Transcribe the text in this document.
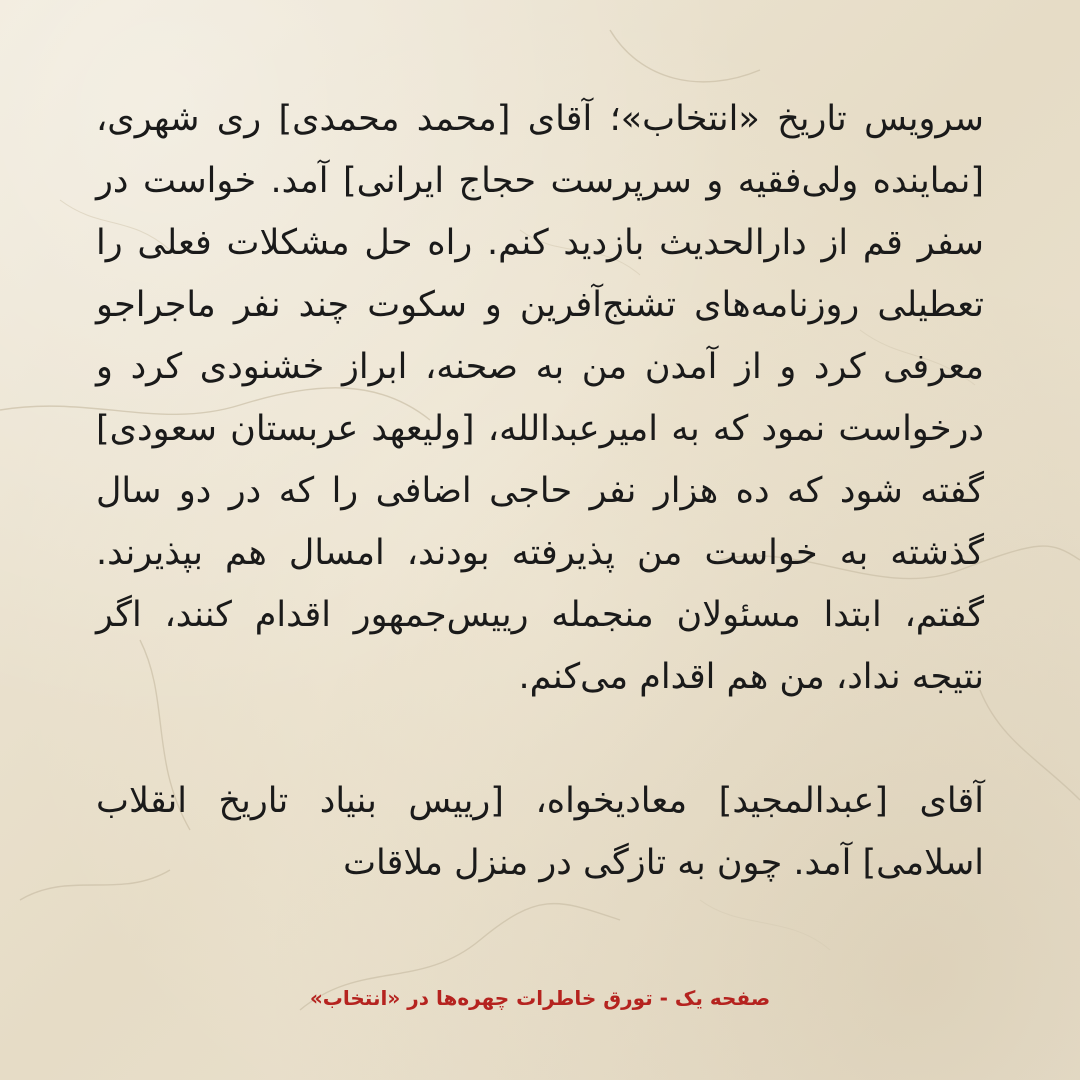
سرویس تاریخ «انتخاب»؛ آقای [محمد محمدی] ری شهری، [نماینده ولی‌فقیه و سرپرست حجاج ایرانی] آمد. خواست در سفر قم از دارالحدیث بازدید کنم. راه حل مشکلات فعلی را تعطیلی روزنامه‌های تشنج‌آفرین و سکوت چند نفر ماجراجو معرفی کرد و از آمدن من به صحنه، ابراز خشنودی کرد و درخواست نمود که به امیرعبدالله، [ولیعهد عربستان سعودی] گفته شود که ده هزار نفر حاجی اضافی را که در دو سال گذشته به خواست من پذیرفته بودند، امسال هم بپذیرند. گفتم، ابتدا مسئولان منجمله رییس‌جمهور اقدام کنند، اگر نتیجه نداد، من هم اقدام می‌کنم.

آقای [عبدالمجید] معادیخواه، [رییس بنیاد تاریخ انقلاب اسلامی] آمد. چون به تازگی در منزل ملاقات

صفحه یک - تورق خاطرات چهره‌ها در «انتخاب»
